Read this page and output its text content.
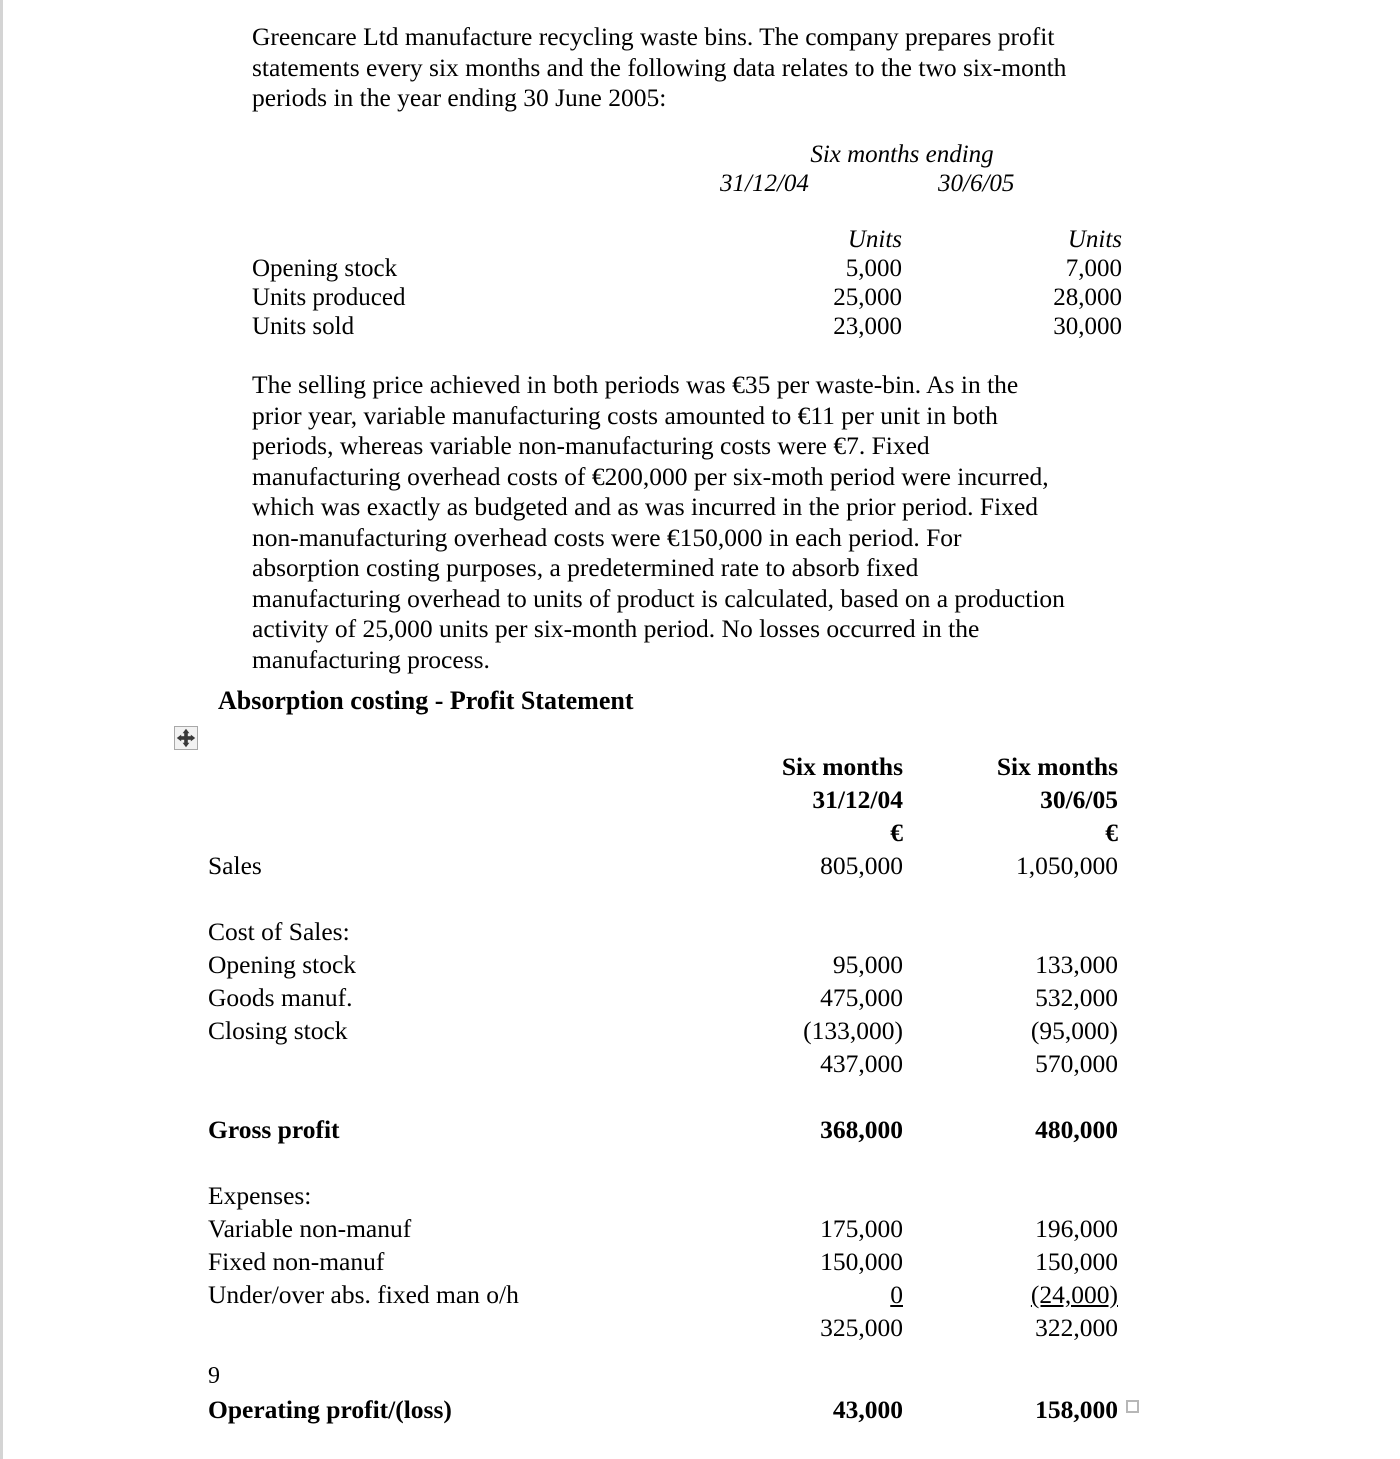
Greencare Ltd manufacture recycling waste bins. The company prepares profit statements every six months and the following data relates to the two six-month periods in the year ending 30 June 2005:
	Six months ending	
	31/12/04	30/6/05

	Units	Units
Opening stock	5,000	7,000
Units produced	25,000	28,000
Units sold	23,000	30,000
The selling price achieved in both periods was €35 per waste-bin. As in the prior year, variable manufacturing costs amounted to €11 per unit in both periods, whereas variable non-manufacturing costs were €7. Fixed manufacturing overhead costs of €200,000 per six-moth period were incurred, which was exactly as budgeted and as was incurred in the prior period. Fixed non-manufacturing overhead costs were €150,000 in each period. For absorption costing purposes, a predetermined rate to absorb fixed manufacturing overhead to units of product is calculated, based on a production activity of 25,000 units per six-month period. No losses occurred in the manufacturing process.
Absorption costing - Profit Statement
	Six months	Six months
	31/12/04	30/6/05
	€	€
Sales	805,000	1,050,000

Cost of Sales:		
Opening stock	95,000	133,000
Goods manuf.	475,000	532,000
Closing stock	(133,000)	(95,000)
	437,000	570,000

Gross profit	368,000	480,000

Expenses:		
Variable non-manuf	175,000	196,000
Fixed non-manuf	150,000	150,000
Under/over abs. fixed man o/h	0	(24,000)
	325,000	322,000

9		
Operating profit/(loss)	43,000	158,000
